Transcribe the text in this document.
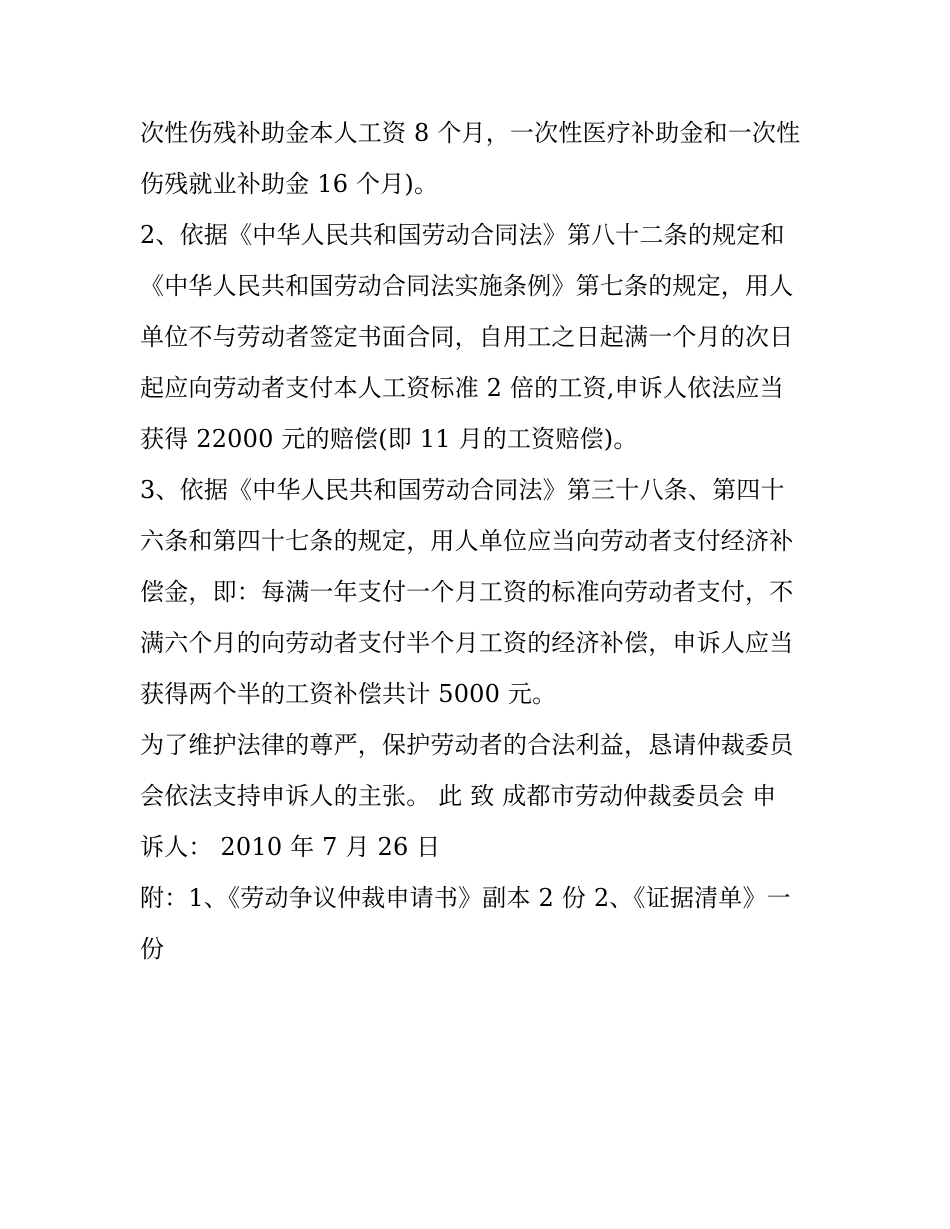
次性伤残补助金本人工资 8 个月，一次性医疗补助金和一次性
伤残就业补助金 16 个月)。
2、依据《中华人民共和国劳动合同法》第八十二条的规定和
《中华人民共和国劳动合同法实施条例》第七条的规定，用人
单位不与劳动者签定书面合同，自用工之日起满一个月的次日
起应向劳动者支付本人工资标准 2 倍的工资,申诉人依法应当
获得 22000 元的赔偿(即 11 月的工资赔偿)。
3、依据《中华人民共和国劳动合同法》第三十八条、第四十
六条和第四十七条的规定，用人单位应当向劳动者支付经济补
偿金，即：每满一年支付一个月工资的标准向劳动者支付，不
满六个月的向劳动者支付半个月工资的经济补偿，申诉人应当
获得两个半的工资补偿共计 5000 元。
为了维护法律的尊严，保护劳动者的合法利益，恳请仲裁委员
会依法支持申诉人的主张。 此 致 成都市劳动仲裁委员会 申
诉人： 2010 年 7 月 26 日
附：1、《劳动争议仲裁申请书》副本 2 份 2、《证据清单》一
份
